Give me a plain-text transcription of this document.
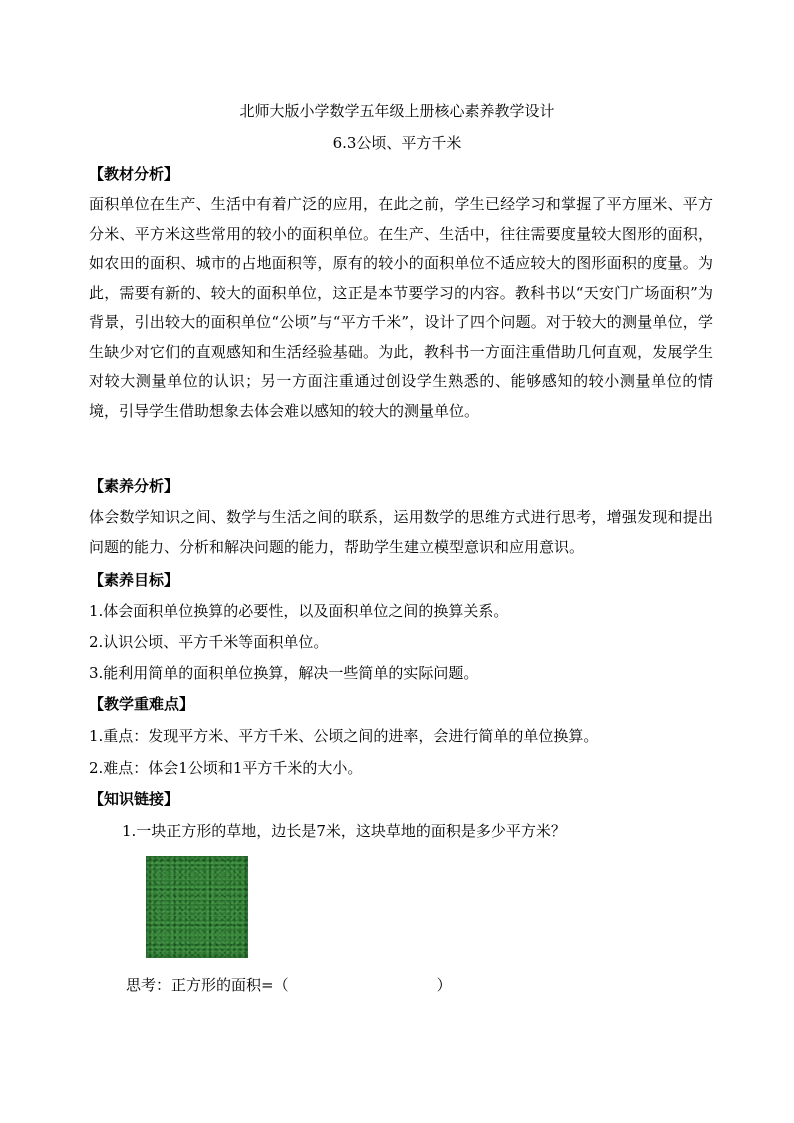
北师大版小学数学五年级上册核心素养教学设计
6.3公顷、平方千米
【教材分析】
面积单位在生产、生活中有着广泛的应用，在此之前，学生已经学习和掌握了平方厘米、平方分米、平方米这些常用的较小的面积单位。在生产、生活中，往往需要度量较大图形的面积，如农田的面积、城市的占地面积等，原有的较小的面积单位不适应较大的图形面积的度量。为此，需要有新的、较大的面积单位，这正是本节要学习的内容。教科书以“天安门广场面积”为背景，引出较大的面积单位“公顷”与“平方千米”，设计了四个问题。对于较大的测量单位，学生缺少对它们的直观感知和生活经验基础。为此，教科书一方面注重借助几何直观，发展学生对较大测量单位的认识；另一方面注重通过创设学生熟悉的、能够感知的较小测量单位的情境，引导学生借助想象去体会难以感知的较大的测量单位。
【素养分析】
体会数学知识之间、数学与生活之间的联系，运用数学的思维方式进行思考，增强发现和提出问题的能力、分析和解决问题的能力，帮助学生建立模型意识和应用意识。
【素养目标】
1.体会面积单位换算的必要性，以及面积单位之间的换算关系。
2.认识公顷、平方千米等面积单位。
3.能利用简单的面积单位换算，解决一些简单的实际问题。
【教学重难点】
1.重点：发现平方米、平方千米、公顷之间的进率，会进行简单的单位换算。
2.难点：体会1公顷和1平方千米的大小。
【知识链接】
1.一块正方形的草地，边长是7米，这块草地的面积是多少平方米？
思考：正方形的面积=（	）
